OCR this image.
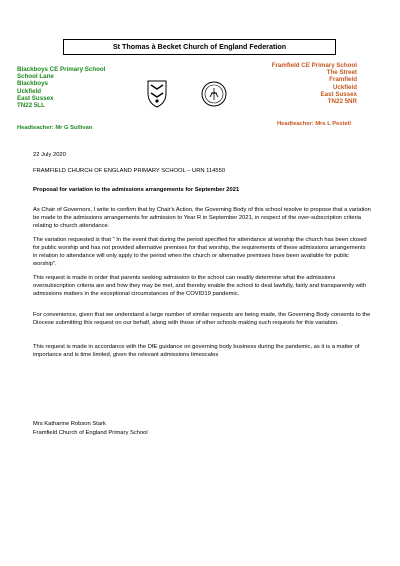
St Thomas à Becket Church of England Federation
Blackboys CE Primary School
School Lane
Blackboys
Uckfield
East Sussex
TN22 5LL
Headteacher: Mr G Sullivan
Framfield CE Primary School
The Street
Framfield
Uckfield
East Sussex
TN22 5NR
Headteacher: Mrs L Pestell
22 July 2020
FRAMFIELD CHURCH OF ENGLAND PRIMARY SCHOOL – URN 114550
Proposal for variation to the admissions arrangements for September 2021
As Chair of Governors, I write to confirm that by Chair's Action, the Governing Body of this school resolve to propose that a variation be made to the admissions arrangements for admission to Year R in September 2021, in respect of the over-subscription criteria relating to church attendance.
The variation requested is that " In the event that during the period specified for attendance at worship the church has been closed for public worship and has not provided alternative premises for that worship, the requirements of these admissions arrangements in relation to attendance will only apply to the period when the church or alternative premises have been available for public worship".
This request is made in order that parents seeking admission to the school can readily determine what the admissions oversubscription criteria are and how they may be met, and thereby enable the school to deal lawfully, fairly and transparently with admissions matters in the exceptional circumstances of the COVID19 pandemic.
For convenience, given that we understand a large number of similar requests are being made, the Governing Body consents to the Diocese submitting this request on our behalf, along with those of other schools making such requests for this variation.
This request is made in accordance with the DfE guidance on governing body business during the pandemic, as it is a matter of importance and is time limited, given the relevant admissions timescales
Mrs Katharine Robson Stark
Framfield Church of England Primary School
